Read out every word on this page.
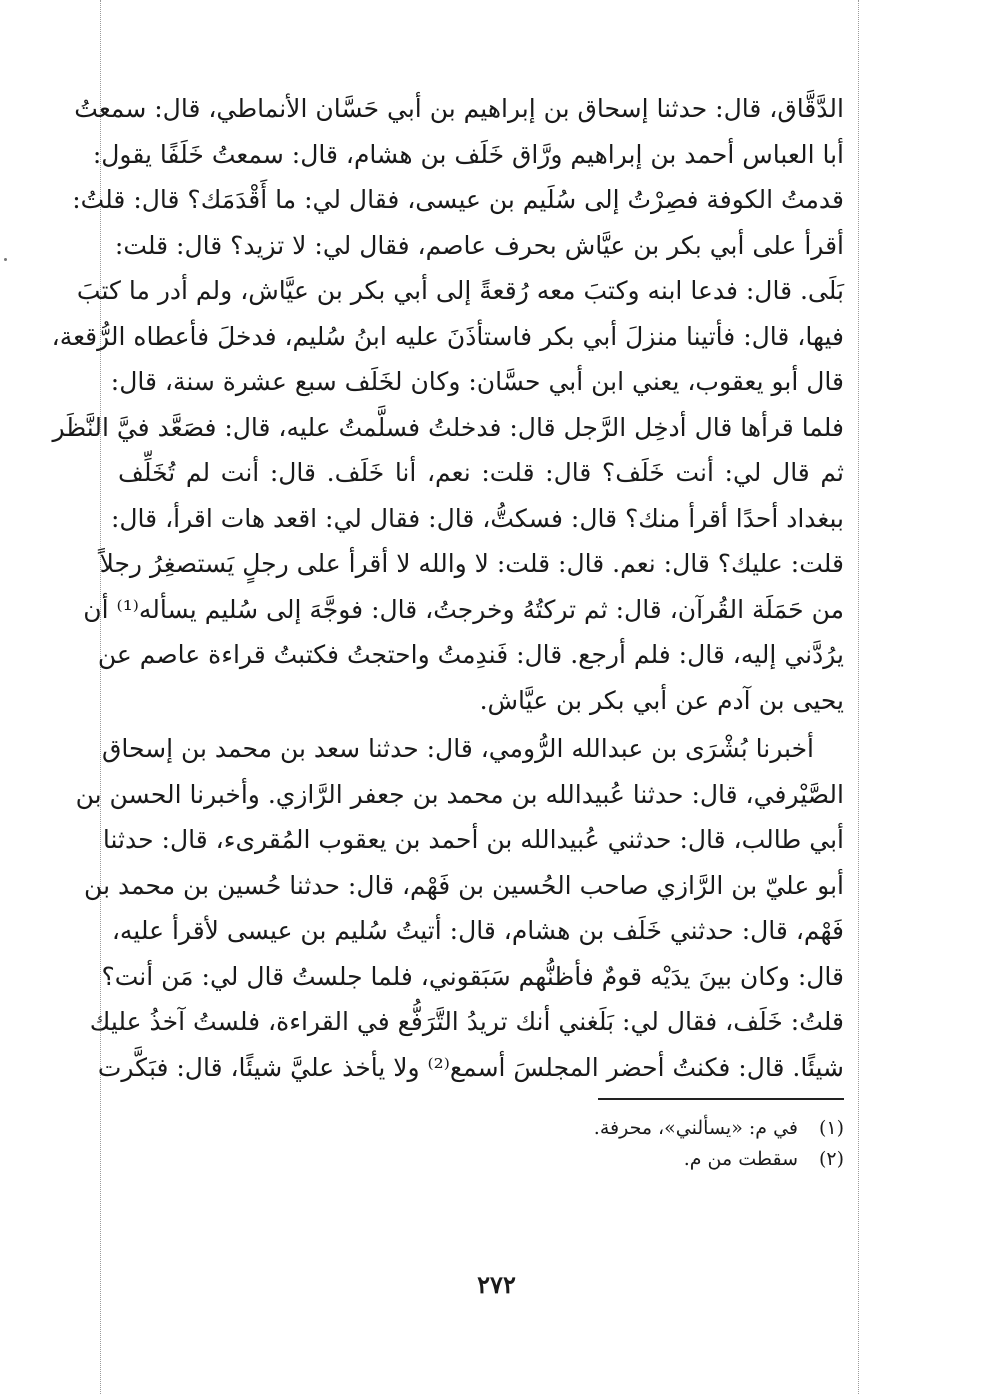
الدَّقَّاق، قال: حدثنا إسحاق بن إبراهيم بن أبي حَسَّان الأنماطي، قال: سمعتُ
أبا العباس أحمد بن إبراهيم ورَّاق خَلَف بن هشام، قال: سمعتُ خَلَفًا يقول:
قدمتُ الكوفة فصِرْتُ إلى سُلَيم بن عيسى، فقال لي: ما أَقْدَمَك؟ قال: قلتُ:
أقرأ على أبي بكر بن عيَّاش بحرف عاصم، فقال لي: لا تزيد؟ قال: قلت:
بَلَى. قال: فدعا ابنه وكتبَ معه رُقعةً إلى أبي بكر بن عيَّاش، ولم أدر ما كتبَ
فيها، قال: فأتينا منزلَ أبي بكر فاستأذَنَ عليه ابنُ سُليم، فدخلَ فأعطاه الرُّقعة،
قال أبو يعقوب، يعني ابن أبي حسَّان: وكان لخَلَف سبع عشرة سنة، قال:
فلما قرأها قال أدخِل الرَّجل قال: فدخلتُ فسلَّمتُ عليه، قال: فصَعَّد فيَّ النَّظَر
ثم قال لي: أنت خَلَف؟ قال: قلت: نعم، أنا خَلَف. قال: أنت لم تُخَلِّف
ببغداد أحدًا أقرأ منك؟ قال: فسكتُّ، قال: فقال لي: اقعد هات اقرأ، قال:
قلت: عليك؟ قال: نعم. قال: قلت: لا والله لا أقرأ على رجلٍ يَستصغِرُ رجلاً
من حَمَلَة القُرآن، قال: ثم تركتُهُ وخرجتُ، قال: فوجَّهَ إلى سُليم يسأله⁽¹⁾ أن
يرُدَّني إليه، قال: فلم أرجع. قال: فَندِمتُ واحتجتُ فكتبتُ قراءة عاصم عن
يحيى بن آدم عن أبي بكر بن عيَّاش.
أخبرنا بُشْرَى بن عبدالله الرُّومي، قال: حدثنا سعد بن محمد بن إسحاق
الصَّيْرفي، قال: حدثنا عُبيدالله بن محمد بن جعفر الرَّازي. وأخبرنا الحسن بن
أبي طالب، قال: حدثني عُبيدالله بن أحمد بن يعقوب المُقرىء، قال: حدثنا
أبو عليّ بن الرَّازي صاحب الحُسين بن فَهْم، قال: حدثنا حُسين بن محمد بن
فَهْم، قال: حدثني خَلَف بن هشام، قال: أتيتُ سُليم بن عيسى لأقرأ عليه،
قال: وكان بينَ يدَيْه قومٌ فأظنُّهم سَبَقوني، فلما جلستُ قال لي: مَن أنت؟
قلتُ: خَلَف، فقال لي: بَلَغني أنك تريدُ التَّرَفُّع في القراءة، فلستُ آخذُ عليك
شيئًا. قال: فكنتُ أحضر المجلسَ أسمع⁽²⁾ ولا يأخذ عليَّ شيئًا، قال: فبَكَّرت
(١)في م: «يسألني»، محرفة.
(٢)سقطت من م.
٢٧٢
